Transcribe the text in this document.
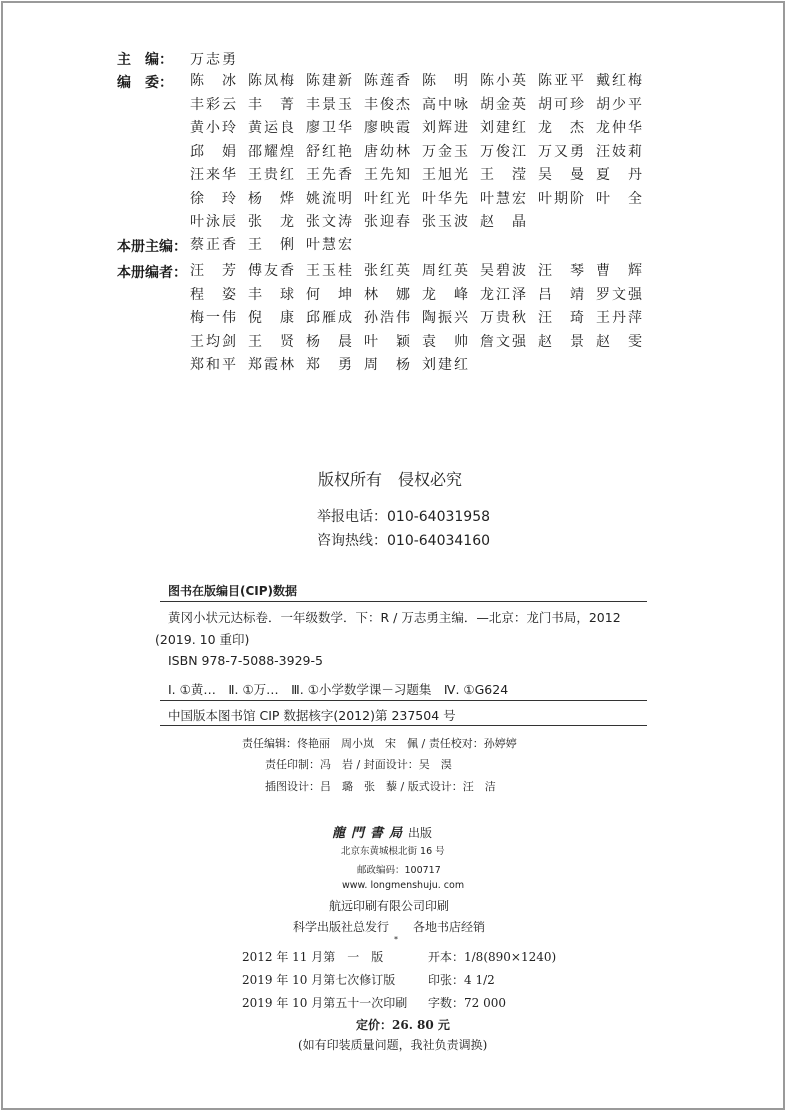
主　编： 万志勇
编　委： 陈　冰 陈凤梅 陈建新 陈莲香 陈　明 陈小英 陈亚平 戴红梅
丰彩云 丰　菁 丰景玉 丰俊杰 高中咏 胡金英 胡可珍 胡少平
黄小玲 黄运良 廖卫华 廖映霞 刘辉进 刘建红 龙　杰 龙仲华
邱　娟 邵耀煌 舒红艳 唐幼林 万金玉 万俊江 万又勇 汪妓莉
汪来华 王贵红 王先香 王先知 王旭光 王　滢 吴　曼 夏　丹
徐　玲 杨　烨 姚流明 叶红光 叶华先 叶慧宏 叶期阶 叶　全
叶泳辰 张　龙 张文涛 张迎春 张玉波 赵　晶
本册主编： 蔡正香 王　俐 叶慧宏
本册编者： 汪　芳 傅友香 王玉桂 张红英 周红英 吴碧波 汪　琴 曹　辉
程　姿 丰　球 何　坤 林　娜 龙　峰 龙江泽 吕　靖 罗文强
梅一伟 倪　康 邱雁成 孙浩伟 陶振兴 万贵秋 汪　琦 王丹萍
王均剑 王　贤 杨　晨 叶　颖 袁　帅 詹文强 赵　景 赵　雯
郑和平 郑霞林 郑　勇 周　杨 刘建红
版权所有　侵权必究
举报电话：010-64031958
咨询热线：010-64034160
图书在版编目(CIP)数据
黄冈小状元达标卷．一年级数学．下：R / 万志勇主编．—北京：龙门书局，2012
(2019. 10 重印)
ISBN 978-7-5088-3929-5
Ⅰ. ①黄…　Ⅱ. ①万…　Ⅲ. ①小学数学课－习题集　Ⅳ. ①G624
中国版本图书馆 CIP 数据核字(2012)第 237504 号
责任编辑：佟艳丽　周小岚　宋　佩 / 责任校对：孙婷婷
责任印制：冯　岩 / 封面设计：吴　淏
插图设计：吕　璐　张　藜 / 版式设计：汪　洁
龍門書局出版
北京东黄城根北街 16 号
邮政编码：100717
www. longmenshuju. com
航远印刷有限公司印刷
科学出版社总发行　　各地书店经销
*
2012 年 11 月第　一　版	开本：1/8(890×1240)
2019 年 10 月第七次修订版	印张：4 1/2
2019 年 10 月第五十一次印刷 字数：72 000
定价：26. 80 元
(如有印装质量问题，我社负责调换)
